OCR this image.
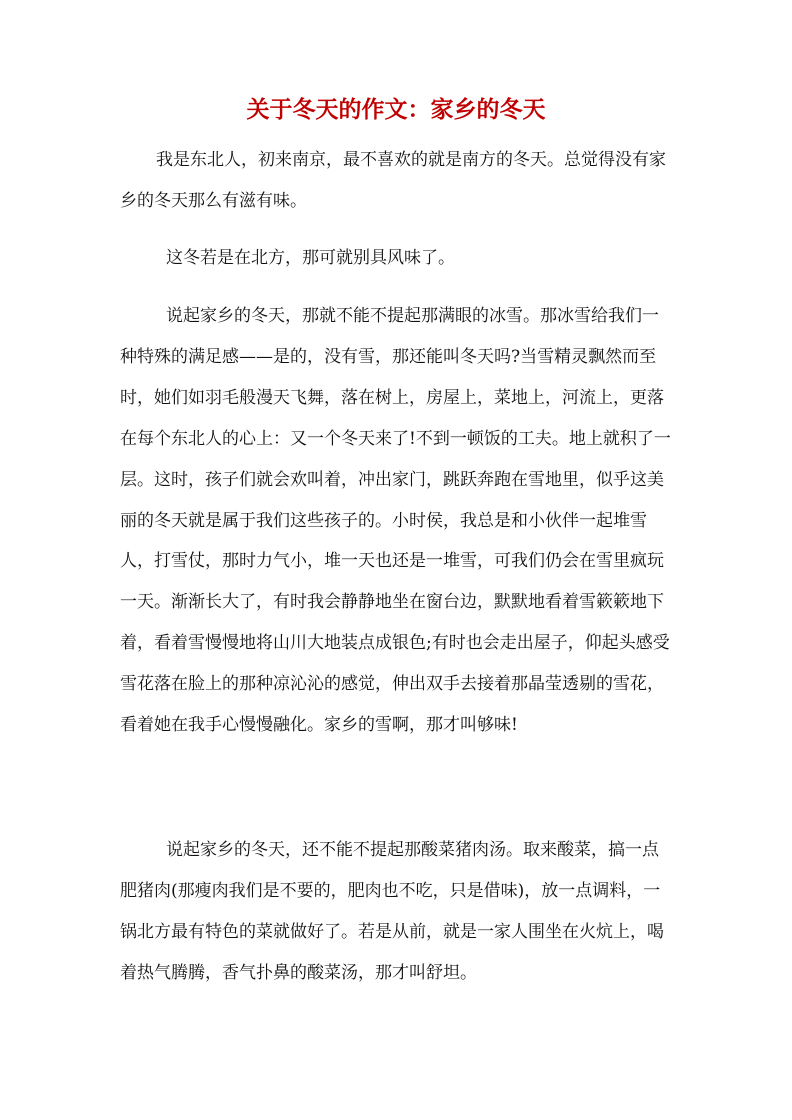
关于冬天的作文：家乡的冬天

我是东北人，初来南京，最不喜欢的就是南方的冬天。总觉得没有家乡的冬天那么有滋有味。

这冬若是在北方，那可就别具风味了。

说起家乡的冬天，那就不能不提起那满眼的冰雪。那冰雪给我们一种特殊的满足感——是的，没有雪，那还能叫冬天吗?当雪精灵飘然而至时，她们如羽毛般漫天飞舞，落在树上，房屋上，菜地上，河流上，更落在每个东北人的心上：又一个冬天来了!不到一顿饭的工夫。地上就积了一层。这时，孩子们就会欢叫着，冲出家门，跳跃奔跑在雪地里，似乎这美丽的冬天就是属于我们这些孩子的。小时侯，我总是和小伙伴一起堆雪人，打雪仗，那时力气小，堆一天也还是一堆雪，可我们仍会在雪里疯玩一天。渐渐长大了，有时我会静静地坐在窗台边，默默地看着雪簌簌地下着，看着雪慢慢地将山川大地装点成银色;有时也会走出屋子，仰起头感受雪花落在脸上的那种凉沁沁的感觉，伸出双手去接着那晶莹透剔的雪花，看着她在我手心慢慢融化。家乡的雪啊，那才叫够味!

说起家乡的冬天，还不能不提起那酸菜猪肉汤。取来酸菜，搞一点肥猪肉(那瘦肉我们是不要的，肥肉也不吃，只是借味)，放一点调料，一锅北方最有特色的菜就做好了。若是从前，就是一家人围坐在火炕上，喝着热气腾腾，香气扑鼻的酸菜汤，那才叫舒坦。
